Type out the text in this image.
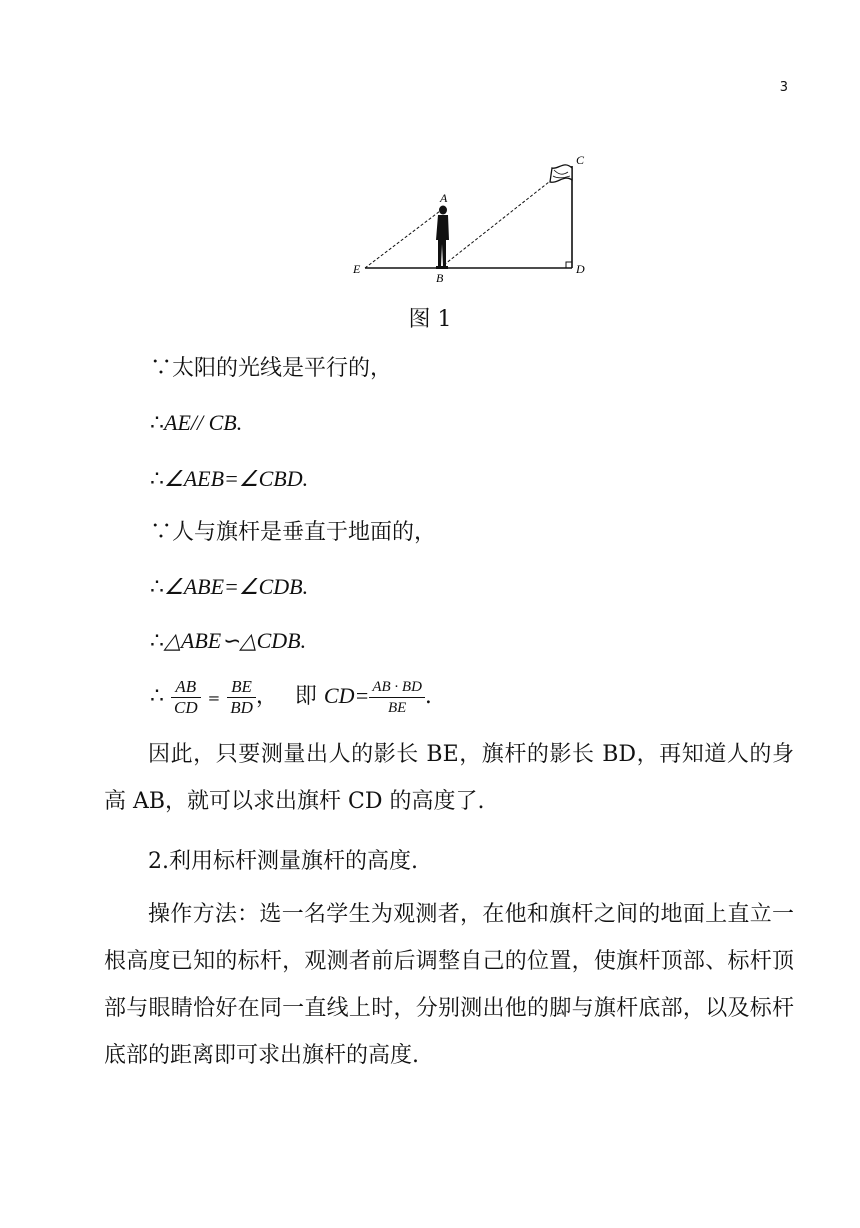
3
A
B
C
D
E
图 1
∵太阳的光线是平行的，
∴AE// CB.
∴∠AEB=∠CBD.
∵人与旗杆是垂直于地面的，
∴∠ABE=∠CDB.
∴△ABE∽△CDB.
∴ $\frac{AB}{CD} = \frac{BE}{BD}$ ， 即 $CD= \frac{AB \cdot BD}{BE}$ .
因此，只要测量出人的影长 BE，旗杆的影长 BD，再知道人的身高 AB，就可以求出旗杆 CD 的高度了.
2.利用标杆测量旗杆的高度.
操作方法：选一名学生为观测者，在他和旗杆之间的地面上直立一根高度已知的标杆，观测者前后调整自己的位置，使旗杆顶部、标杆顶部与眼睛恰好在同一直线上时，分别测出他的脚与旗杆底部，以及标杆底部的距离即可求出旗杆的高度.
